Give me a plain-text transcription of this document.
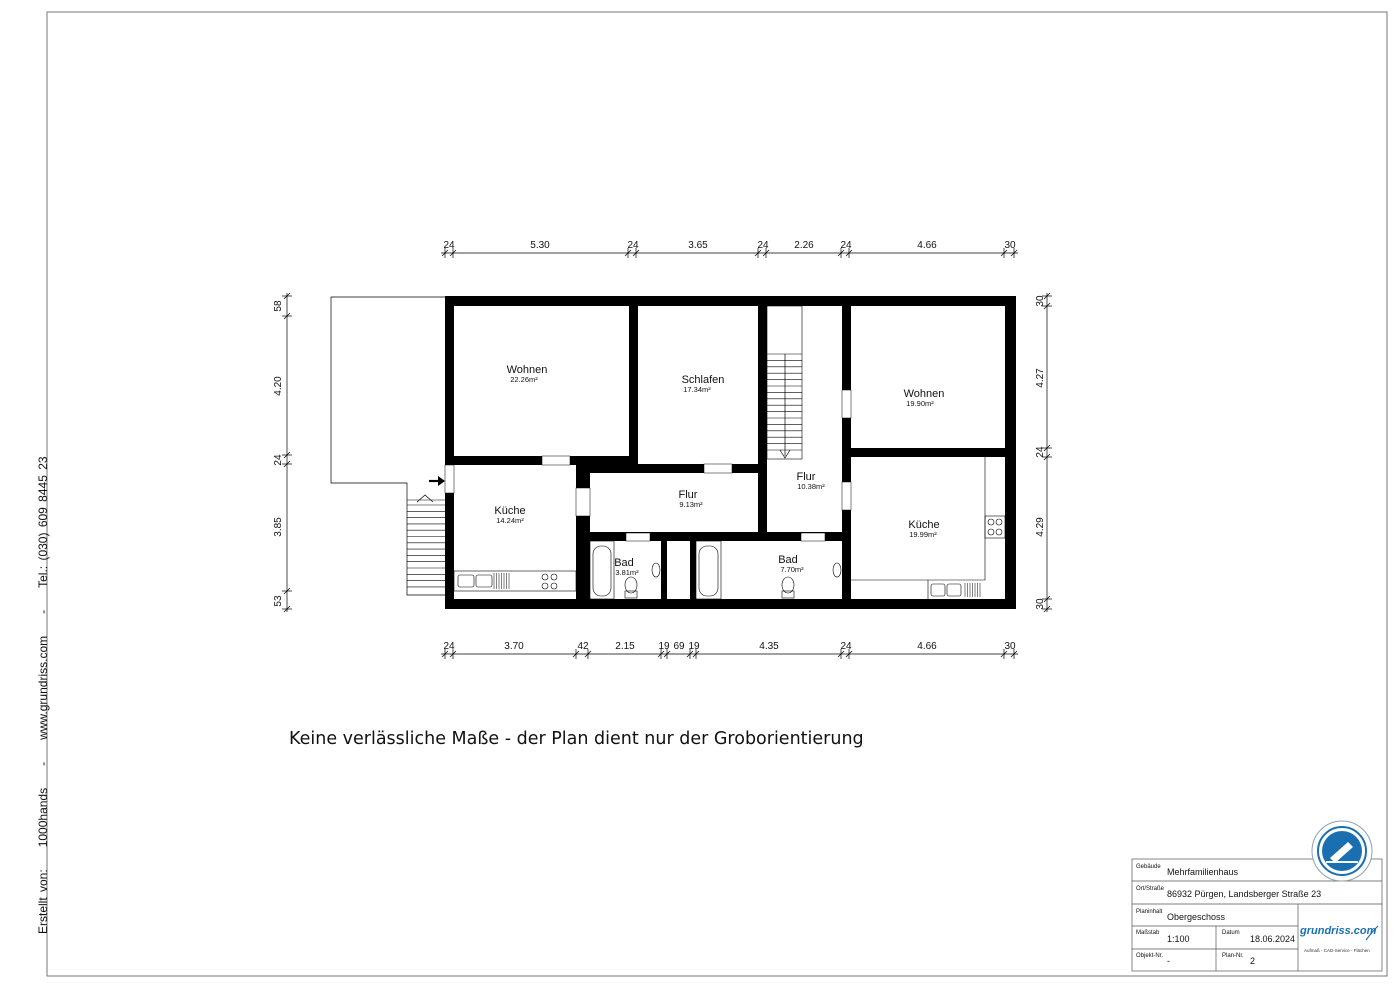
24	5.30	24	3.65	24	2.26	24	4.66	30
24	3.70	42	2.15 19 69 19	4.35	24	4.66	30
58
4.20
24
3.85
53
30
4.27
24
4.29
30
Wohnen
22.26m²	Schlafen
17.34m²	Wohnen
19.90m²
Küche
14.24m²
Flur
9.13m²
Flur
10.38m²
Küche
19.99m²
Bad
3.81m²
Bad
7.70m²
Erstellt von:1000hands-www.grundriss.com-Tel.: (030) 609 8445 23
Keine verlässliche Maße - der Plan dient nur der Groborientierung
Gebäude Mehrfamilienhaus
Ort/Straße 86932 Pürgen, Landsberger Straße 23
Planinhalt Obergeschoss
Maßstab
1:100
Datum
18.06.2024
Objekt-Nr. -	Plan-Nr. 2
grundriss.com
Aufmaß - CAD-Service - Flächen
